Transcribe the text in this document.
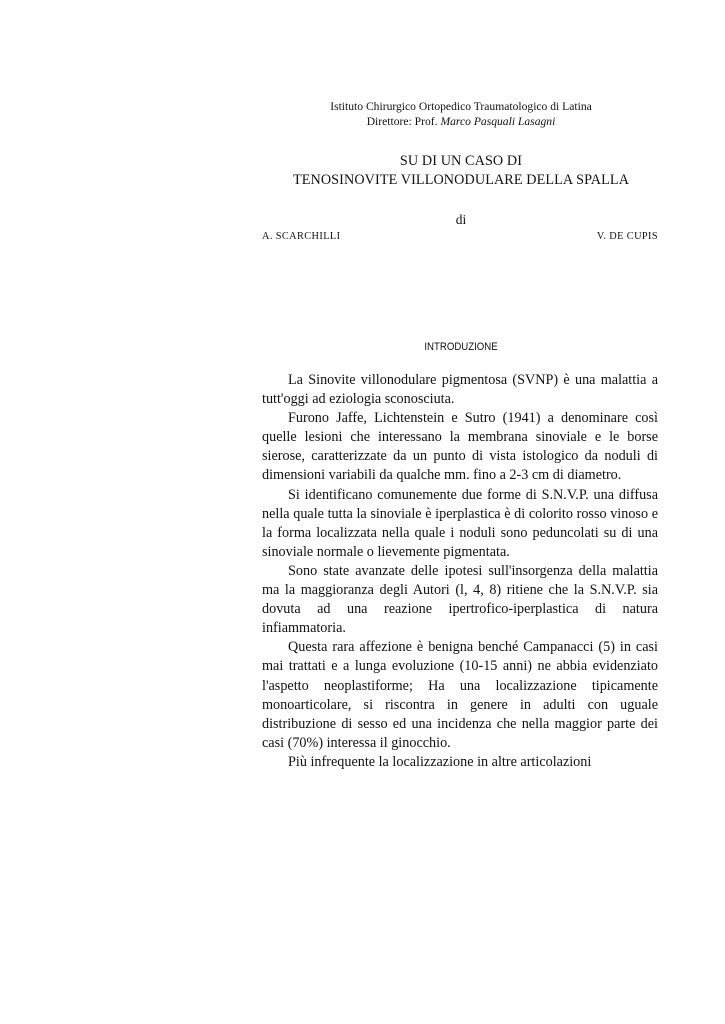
Istituto Chirurgico Ortopedico Traumatologico di Latina
Direttore: Prof. Marco Pasquali Lasagni
SU DI UN CASO DI
TENOSINOVITE VILLONODULARE DELLA SPALLA
di
A. SCARCHILLI	V. DE CUPIS
INTRODUZIONE

La Sinovite villonodulare pigmentosa (SVNP) è una malattia a tutt'oggi ad eziologia sconosciuta.

Furono Jaffe, Lichtenstein e Sutro (1941) a denominare così quelle lesioni che interessano la membrana sinoviale e le borse sierose, caratterizzate da un punto di vista istologico da noduli di dimensioni variabili da qualche mm. fino a 2-3 cm di diametro.

Si identificano comunemente due forme di S.N.V.P. una diffusa nella quale tutta la sinoviale è iperplastica è di colorito rosso vinoso e la forma localizzata nella quale i noduli sono peduncolati su di una sinoviale normale o lievemente pigmentata.

Sono state avanzate delle ipotesi sull'insorgenza della malattia ma la maggioranza degli Autori (l, 4, 8) ritiene che la S.N.V.P. sia dovuta ad una reazione ipertrofico-iperplastica di natura infiammatoria.

Questa rara affezione è benigna benché Campanacci (5) in casi mai trattati e a lunga evoluzione (10-15 anni) ne abbia evidenziato l'aspetto neoplastiforme; Ha una localizzazione tipicamente monoarticolare, si riscontra in genere in adulti con uguale distribuzione di sesso ed una incidenza che nella maggior parte dei casi (70%) interessa il ginocchio.

Più infrequente la localizzazione in altre articolazioni
